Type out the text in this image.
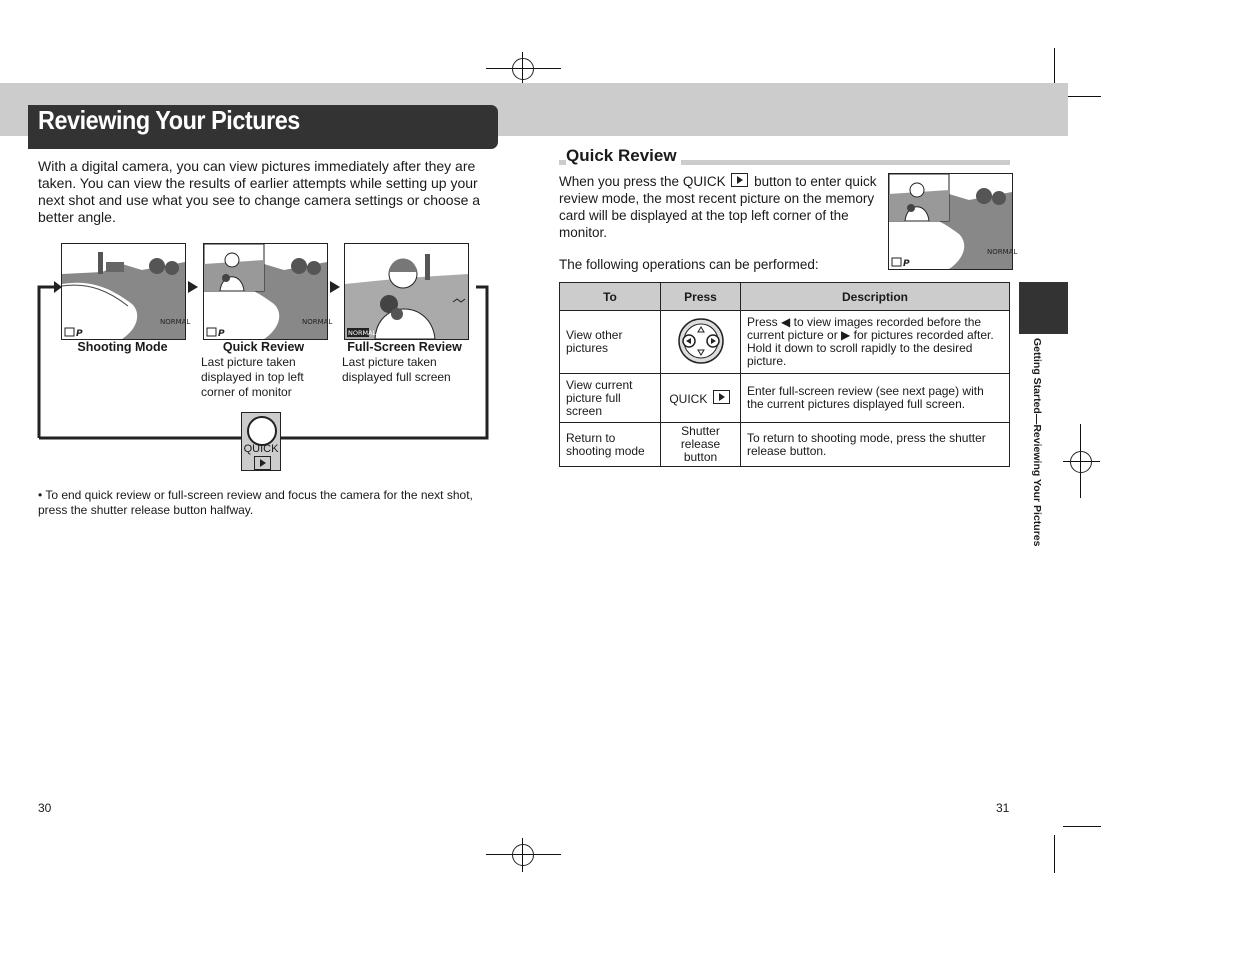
Reviewing Your Pictures
With a digital camera, you can view pictures immediately after they are taken. You can view the results of earlier attempts while setting up your next shot and use what you see to change camera settings or choose a better angle.
NORMAL
P
NORMAL
P	NORMAL
Shooting Mode	Quick Review
Last picture taken displayed in top left corner of monitor
Full-Screen Review
Last picture taken displayed full screen
QUICK
• To end quick review or full-screen review and focus the camera for the next shot, press the shutter release button halfway.
Quick Review
When you press the QUICK button to enter quick review mode, the most recent picture on the memory card will be displayed at the top left corner of the monitor.
NORMAL
P
The following operations can be performed:
To	Press	Description
View other pictures		Press ◀ to view images recorded before the current picture or ▶ for pictures recorded after. Hold it down to scroll rapidly to the desired picture.
View current picture full screen	QUICK	Enter full-screen review (see next page) with the current pictures displayed full screen.
Return to shooting mode	Shutter release button	To return to shooting mode, press the shutter release button.	Getting Started—Reviewing Your Pictures
30	31
